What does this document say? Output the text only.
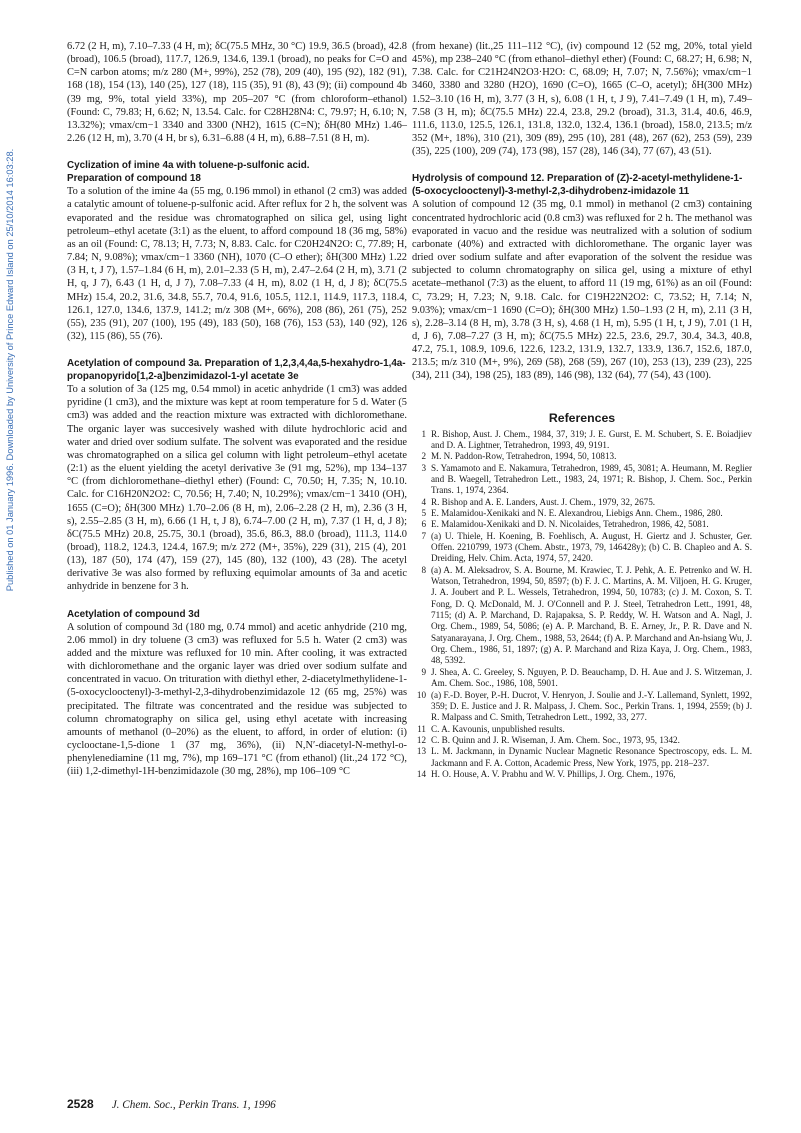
Published on 01 January 1996. Downloaded by University of Prince Edward Island on 25/10/2014 16:03:28.

6.72 (2 H, m), 7.10–7.33 (4 H, m); δC(75.5 MHz, 30 °C) 19.9, 36.5 (broad), 42.8 (broad), 106.5 (broad), 117.7, 126.9, 134.6, 139.1 (broad), no peaks for C=O and C=N carbon atoms; m/z 280 (M+, 99%), 252 (78), 209 (40), 195 (92), 182 (91), 168 (18), 154 (13), 140 (25), 127 (18), 115 (35), 91 (8), 43 (9); (ii) compound 4b (39 mg, 9%, total yield 33%), mp 205–207 °C (from chloroform–ethanol) (Found: C, 79.83; H, 6.62; N, 13.54. Calc. for C28H28N4: C, 79.97; H, 6.10; N, 13.32%); νmax/cm−1 3340 and 3300 (NH2), 1615 (C=N); δH(80 MHz) 1.46–2.26 (12 H, m), 3.70 (4 H, br s), 6.31–6.88 (4 H, m), 6.88–7.51 (8 H, m).

Cyclization of imine 4a with toluene-p-sulfonic acid.

Preparation of compound 18

To a solution of the imine 4a (55 mg, 0.196 mmol) in ethanol (2 cm3) was added a catalytic amount of toluene-p-sulfonic acid. After reflux for 2 h, the solvent was evaporated and the residue was chromatographed on silica gel, using light petroleum–ethyl acetate (3:1) as the eluent, to afford compound 18 (36 mg, 58%) as an oil (Found: C, 78.13; H, 7.73; N, 8.83. Calc. for C20H24N2O: C, 77.89; H, 7.84; N, 9.08%); νmax/cm−1 3360 (NH), 1070 (C–O ether); δH(300 MHz) 1.22 (3 H, t, J 7), 1.57–1.84 (6 H, m), 2.01–2.33 (5 H, m), 2.47–2.64 (2 H, m), 3.71 (2 H, q, J 7), 6.43 (1 H, d, J 7), 7.08–7.33 (4 H, m), 8.02 (1 H, d, J 8); δC(75.5 MHz) 15.4, 20.2, 31.6, 34.8, 55.7, 70.4, 91.6, 105.5, 112.1, 114.9, 117.3, 118.4, 126.1, 127.0, 134.6, 137.9, 141.2; m/z 308 (M+, 66%), 208 (86), 261 (75), 252 (55), 235 (91), 207 (100), 195 (49), 183 (50), 168 (76), 153 (53), 140 (92), 126 (32), 115 (86), 55 (76).

Acetylation of compound 3a. Preparation of 1,2,3,4,4a,5-hexahydro-1,4a-propanopyrido[1,2-a]benzimidazol-1-yl acetate 3e

To a solution of 3a (125 mg, 0.54 mmol) in acetic anhydride (1 cm3) was added pyridine (1 cm3), and the mixture was kept at room temperature for 5 d. Water (5 cm3) was added and the reaction mixture was extracted with dichloromethane. The organic layer was succesively washed with dilute hydrochloric acid and water and dried over sodium sulfate. The solvent was evaporated and the residue was chromatographed on a silica gel column with light petroleum–ethyl acetate (2:1) as the eluent yielding the acetyl derivative 3e (91 mg, 52%), mp 134–137 °C (from dichloromethane–diethyl ether) (Found: C, 70.50; H, 7.35; N, 10.10. Calc. for C16H20N2O2: C, 70.56; H, 7.40; N, 10.29%); νmax/cm−1 3410 (OH), 1655 (C=O); δH(300 MHz) 1.70–2.06 (8 H, m), 2.06–2.28 (2 H, m), 2.36 (3 H, s), 2.55–2.85 (3 H, m), 6.66 (1 H, t, J 8), 6.74–7.00 (2 H, m), 7.37 (1 H, d, J 8); δC(75.5 MHz) 20.8, 25.75, 30.1 (broad), 35.6, 86.3, 88.0 (broad), 111.3, 114.0 (broad), 118.2, 124.3, 124.4, 167.9; m/z 272 (M+, 35%), 229 (31), 215 (4), 201 (13), 187 (50), 174 (47), 159 (27), 145 (80), 132 (100), 43 (28). The acetyl derivative 3e was also formed by refluxing equimolar amounts of 3a and acetic anhydride in benzene for 3 h.

Acetylation of compound 3d

A solution of compound 3d (180 mg, 0.74 mmol) and acetic anhydride (210 mg, 2.06 mmol) in dry toluene (3 cm3) was refluxed for 5.5 h. Water (2 cm3) was added and the mixture was refluxed for 10 min. After cooling, it was extracted with dichloromethane and the organic layer was dried over sodium sulfate and concentrated in vacuo. On trituration with diethyl ether, 2-diacetylmethylidene-1-(5-oxocyclooctenyl)-3-methyl-2,3-dihydrobenzimidazole 12 (65 mg, 25%) was precipitated. The filtrate was concentrated and the residue was subjected to column chromatography on silica gel, using ethyl acetate with increasing amounts of methanol (0–20%) as the eluent, to afford, in order of elution: (i) cyclooctane-1,5-dione 1 (37 mg, 36%), (ii) N,N′-diacetyl-N-methyl-o-phenylenediamine (11 mg, 7%), mp 169–171 °C (from ethanol) (lit.,24 172 °C), (iii) 1,2-dimethyl-1H-benzimidazole (30 mg, 28%), mp 106–109 °C

(from hexane) (lit.,25 111–112 °C), (iv) compound 12 (52 mg, 20%, total yield 45%), mp 238–240 °C (from ethanol–diethyl ether) (Found: C, 68.27; H, 6.98; N, 7.38. Calc. for C21H24N2O3·H2O: C, 68.09; H, 7.07; N, 7.56%); νmax/cm−1 3460, 3380 and 3280 (H2O), 1690 (C=O), 1665 (C–O, acetyl); δH(300 MHz) 1.52–3.10 (16 H, m), 3.77 (3 H, s), 6.08 (1 H, t, J 9), 7.41–7.49 (1 H, m), 7.49–7.58 (3 H, m); δC(75.5 MHz) 22.4, 23.8, 29.2 (broad), 31.3, 31.4, 40.6, 46.9, 111.6, 113.0, 125.5, 126.1, 131.8, 132.0, 132.4, 136.1 (broad), 158.0, 213.5; m/z 352 (M+, 18%), 310 (21), 309 (89), 295 (10), 281 (48), 267 (62), 253 (59), 239 (35), 225 (100), 209 (74), 173 (98), 157 (28), 146 (34), 77 (67), 43 (51).

Hydrolysis of compound 12. Preparation of (Z)-2-acetyl-methylidene-1-(5-oxocyclooctenyl)-3-methyl-2,3-dihydrobenz-imidazole 11

A solution of compound 12 (35 mg, 0.1 mmol) in methanol (2 cm3) containing concentrated hydrochloric acid (0.8 cm3) was refluxed for 2 h. The methanol was evaporated in vacuo and the residue was neutralized with a solution of sodium carbonate (40%) and extracted with dichloromethane. The organic layer was dried over sodium sulfate and after evaporation of the solvent the residue was subjected to column chromatography on silica gel, using a mixture of ethyl acetate–methanol (7:3) as the eluent, to afford 11 (19 mg, 61%) as an oil (Found: C, 73.29; H, 7.23; N, 9.18. Calc. for C19H22N2O2: C, 73.52; H, 7.14; N, 9.03%); νmax/cm−1 1690 (C=O); δH(300 MHz) 1.50–1.93 (2 H, m), 2.11 (3 H, s), 2.28–3.14 (8 H, m), 3.78 (3 H, s), 4.68 (1 H, m), 5.95 (1 H, t, J 9), 7.01 (1 H, d, J 6), 7.08–7.27 (3 H, m); δC(75.5 MHz) 22.5, 23.6, 29.7, 30.4, 34.3, 40.8, 47.2, 75.1, 108.9, 109.6, 122.6, 123.2, 131.9, 132.7, 133.9, 136.7, 152.6, 187.0, 213.5; m/z 310 (M+, 9%), 269 (58), 268 (59), 267 (10), 253 (13), 239 (23), 225 (34), 211 (34), 198 (25), 183 (89), 146 (98), 132 (64), 77 (54), 43 (100).

References

1 R. Bishop, Aust. J. Chem., 1984, 37, 319; J. E. Gurst, E. M. Schubert, S. E. Boiadjiev and D. A. Lightner, Tetrahedron, 1993, 49, 9191.
2 M. N. Paddon-Row, Tetrahedron, 1994, 50, 10813.
3 S. Yamamoto and E. Nakamura, Tetrahedron, 1989, 45, 3081; A. Heumann, M. Reglier and B. Waegell, Tetrahedron Lett., 1983, 24, 1971; R. Bishop, J. Chem. Soc., Perkin Trans. 1, 1974, 2364.
4 R. Bishop and A. E. Landers, Aust. J. Chem., 1979, 32, 2675.
5 E. Malamidou-Xenikaki and N. E. Alexandrou, Liebigs Ann. Chem., 1986, 280.
6 E. Malamidou-Xenikaki and D. N. Nicolaides, Tetrahedron, 1986, 42, 5081.
7 (a) U. Thiele, H. Koening, B. Foehlisch, A. August, H. Giertz and J. Schuster, Ger. Offen. 2210799, 1973 (Chem. Abstr., 1973, 79, 146428y); (b) C. B. Chapleo and A. S. Dreiding, Helv. Chim. Acta, 1974, 57, 2420.
8 (a) A. M. Aleksadrov, S. A. Bourne, M. Krawiec, T. J. Pehk, A. E. Petrenko and W. H. Watson, Tetrahedron, 1994, 50, 8597; (b) F. J. C. Martins, A. M. Viljoen, H. G. Kruger, J. A. Joubert and P. L. Wessels, Tetrahedron, 1994, 50, 10783; (c) J. M. Coxon, S. T. Fong, D. Q. McDonald, M. J. O'Connell and P. J. Steel, Tetrahedron Lett., 1991, 48, 7115; (d) A. P. Marchand, D. Rajapaksa, S. P. Reddy, W. H. Watson and A. Nagl, J. Org. Chem., 1989, 54, 5086; (e) A. P. Marchand, B. E. Arney, Jr., P. R. Dave and N. Satyanarayana, J. Org. Chem., 1988, 53, 2644; (f) A. P. Marchand and An-hsiang Wu, J. Org. Chem., 1986, 51, 1897; (g) A. P. Marchand and Riza Kaya, J. Org. Chem., 1983, 48, 5392.
9 J. Shea, A. C. Greeley, S. Nguyen, P. D. Beauchamp, D. H. Aue and J. S. Witzeman, J. Am. Chem. Soc., 1986, 108, 5901.
10 (a) F.-D. Boyer, P.-H. Ducrot, V. Henryon, J. Soulie and J.-Y. Lallemand, Synlett, 1992, 359; D. E. Justice and J. R. Malpass, J. Chem. Soc., Perkin Trans. 1, 1994, 2559; (b) J. R. Malpass and C. Smith, Tetrahedron Lett., 1992, 33, 277.
11 C. A. Kavounis, unpublished results.
12 C. B. Quinn and J. R. Wiseman, J. Am. Chem. Soc., 1973, 95, 1342.
13 L. M. Jackmann, in Dynamic Nuclear Magnetic Resonance Spectroscopy, eds. L. M. Jackmann and F. A. Cotton, Academic Press, New York, 1975, pp. 218–237.
14 H. O. House, A. V. Prabhu and W. V. Phillips, J. Org. Chem., 1976,
2528 J. Chem. Soc., Perkin Trans. 1, 1996
